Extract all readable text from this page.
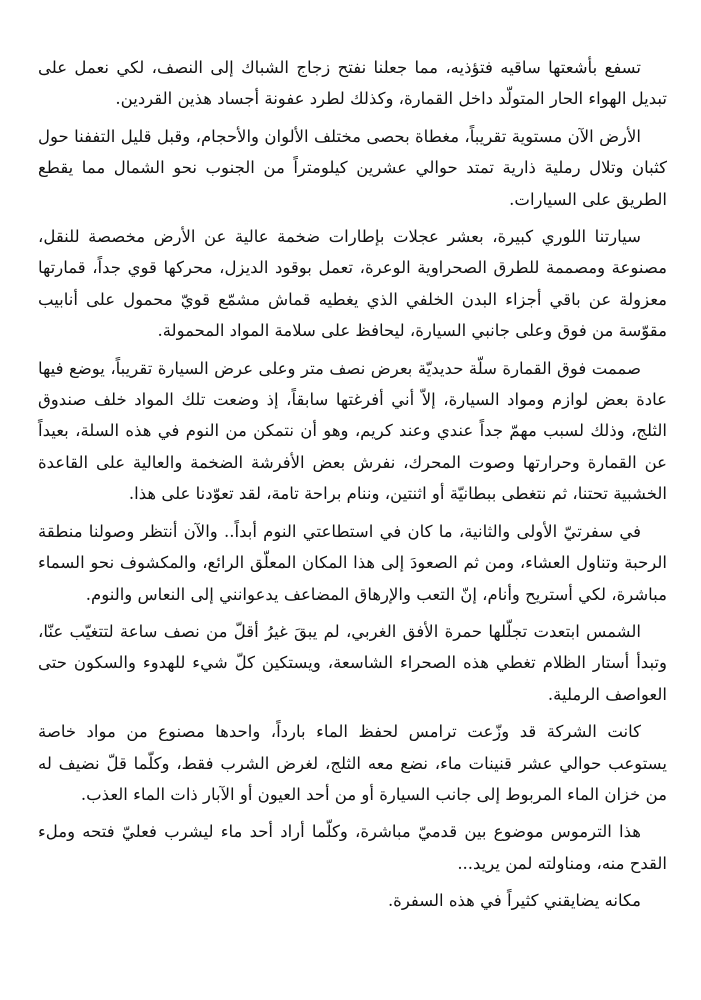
تسفع بأشعتها ساقيه فتؤذيه، مما جعلنا نفتح زجاج الشباك إلى النصف، لكي نعمل على تبديل الهواء الحار المتولّد داخل القمارة، وكذلك لطرد عفونة أجساد هذين القردين.

الأرض الآن مستوية تقريباً، مغطاة بحصى مختلف الألوان والأحجام، وقبل قليل التففنا حول كثبان وتلال رملية ذارية تمتد حوالي عشرين كيلومتراً من الجنوب نحو الشمال مما يقطع الطريق على السيارات.

سيارتنا اللوري كبيرة، بعشر عجلات بإطارات ضخمة عالية عن الأرض مخصصة للنقل، مصنوعة ومصممة للطرق الصحراوية الوعرة، تعمل بوقود الديزل، محركها قوي جداً، قمارتها معزولة عن باقي أجزاء البدن الخلفي الذي يغطيه قماش مشمّع قويّ محمول على أنابيب مقوّسة من فوق وعلى جانبي السيارة، ليحافظ على سلامة المواد المحمولة.

صممت فوق القمارة سلّة حديديّة بعرض نصف متر وعلى عرض السيارة تقريباً، يوضع فيها عادة بعض لوازم ومواد السيارة، إلاّ أني أفرغتها سابقاً، إذ وضعت تلك المواد خلف صندوق الثلج، وذلك لسبب مهمّ جداً عندي وعند كريم، وهو أن نتمكن من النوم في هذه السلة، بعيداً عن القمارة وحرارتها وصوت المحرك، نفرش بعض الأفرشة الضخمة والعالية على القاعدة الخشبية تحتنا، ثم نتغطى ببطانيّة أو اثنتين، وننام براحة تامة، لقد تعوّدنا على هذا.

في سفرتيّ الأولى والثانية، ما كان في استطاعتي النوم أبداً.. والآن أنتظر وصولنا منطقة الرحبة وتناول العشاء، ومن ثم الصعودَ إلى هذا المكان المعلّق الرائع، والمكشوف نحو السماء مباشرة، لكي أستريح وأنام، إنّ التعب والإرهاق المضاعف يدعوانني إلى النعاس والنوم.

الشمس ابتعدت تجلّلها حمرة الأفق الغربي، لم يبقَ غيرُ أقلّ من نصف ساعة لتتغيّب عنّا، وتبدأ أستار الظلام تغطي هذه الصحراء الشاسعة، ويستكين كلّ شيء للهدوء والسكون حتى العواصف الرملية.

كانت الشركة قد وزّعت ترامس لحفظ الماء بارداً، واحدها مصنوع من مواد خاصة يستوعب حوالي عشر قنينات ماء، نضع معه الثلج، لغرض الشرب فقط، وكلّما قلّ نضيف له من خزان الماء المربوط إلى جانب السيارة أو من أحد العيون أو الآبار ذات الماء العذب.

هذا الترموس موضوع بين قدميّ مباشرة، وكلّما أراد أحد ماء ليشرب فعليّ فتحه وملء القدح منه، ومناولته لمن يريد...

مكانه يضايقني كثيراً في هذه السفرة.
